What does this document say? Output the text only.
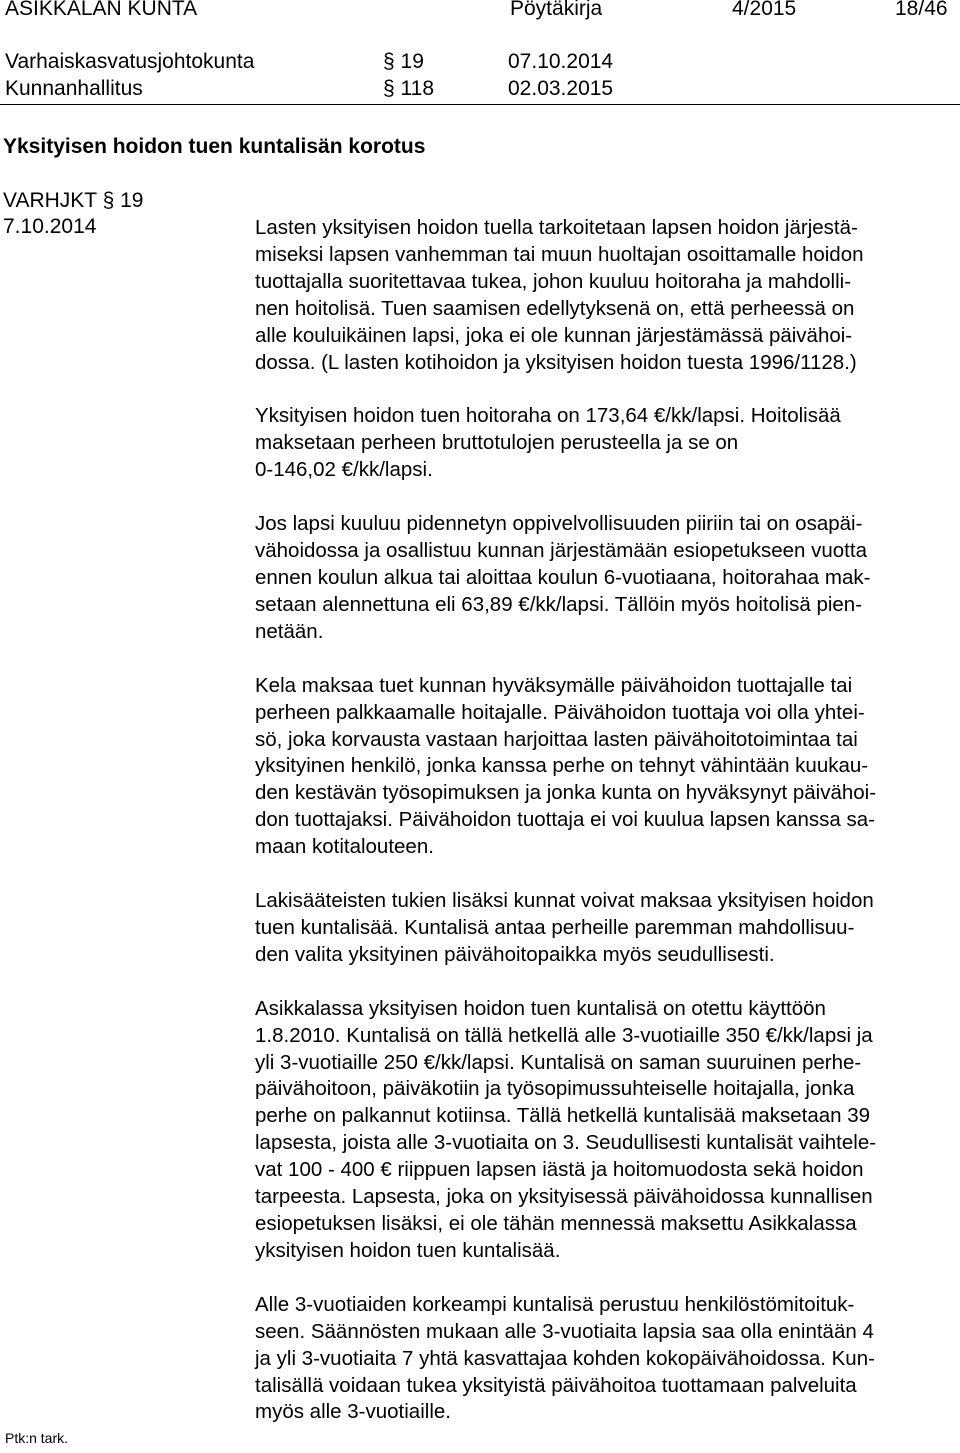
ASIKKALAN KUNTA	Pöytäkirja	4/2015	18/46
Varhaiskasvatusjohtokunta	§ 19	07.10.2014
Kunnanhallitus	§ 118	02.03.2015
Yksityisen hoidon tuen kuntalisän korotus
VARHJKT § 19
7.10.2014	Lasten yksityisen hoidon tuella tarkoitetaan lapsen hoidon järjestä-
miseksi lapsen vanhemman tai muun huoltajan osoittamalle hoidon
tuottajalla suoritettavaa tukea, johon kuuluu hoitoraha ja mahdolli-
nen hoitolisä. Tuen saamisen edellytyksenä on, että perheessä on
alle kouluikäinen lapsi, joka ei ole kunnan järjestämässä päivähoi-
dossa. (L lasten kotihoidon ja yksityisen hoidon tuesta 1996/1128.)
Yksityisen hoidon tuen hoitoraha on 173,64 €/kk/lapsi. Hoitolisää
maksetaan perheen bruttotulojen perusteella ja se on
0-146,02 €/kk/lapsi.
Jos lapsi kuuluu pidennetyn oppivelvollisuuden piiriin tai on osapäi-
vähoidossa ja osallistuu kunnan järjestämään esiopetukseen vuotta
ennen koulun alkua tai aloittaa koulun 6-vuotiaana, hoitorahaa mak-
setaan alennettuna eli 63,89 €/kk/lapsi. Tällöin myös hoitolisä pien-
netään.
Kela maksaa tuet kunnan hyväksymälle päivähoidon tuottajalle tai
perheen palkkaamalle hoitajalle. Päivähoidon tuottaja voi olla yhtei-
sö, joka korvausta vastaan harjoittaa lasten päivähoitotoimintaa tai
yksityinen henkilö, jonka kanssa perhe on tehnyt vähintään kuukau-
den kestävän työsopimuksen ja jonka kunta on hyväksynyt päivähoi-
don tuottajaksi. Päivähoidon tuottaja ei voi kuulua lapsen kanssa sa-
maan kotitalouteen.
Lakisääteisten tukien lisäksi kunnat voivat maksaa yksityisen hoidon
tuen kuntalisää. Kuntalisä antaa perheille paremman mahdollisuu-
den valita yksityinen päivähoitopaikka myös seudullisesti.
Asikkalassa yksityisen hoidon tuen kuntalisä on otettu käyttöön
1.8.2010. Kuntalisä on tällä hetkellä alle 3-vuotiaille 350 €/kk/lapsi ja
yli 3-vuotiaille 250 €/kk/lapsi. Kuntalisä on saman suuruinen perhe-
päivähoitoon, päiväkotiin ja työsopimussuhteiselle hoitajalla, jonka
perhe on palkannut kotiinsa. Tällä hetkellä kuntalisää maksetaan 39
lapsesta, joista alle 3-vuotiaita on 3. Seudullisesti kuntalisät vaihtele-
vat 100 - 400 € riippuen lapsen iästä ja hoitomuodosta sekä hoidon
tarpeesta. Lapsesta, joka on yksityisessä päivähoidossa kunnallisen
esiopetuksen lisäksi, ei ole tähän mennessä maksettu Asikkalassa
yksityisen hoidon tuen kuntalisää.
Alle 3-vuotiaiden korkeampi kuntalisä perustuu henkilöstömitoituk-
seen. Säännösten mukaan alle 3-vuotiaita lapsia saa olla enintään 4
ja yli 3-vuotiaita 7 yhtä kasvattajaa kohden kokopäivähoidossa. Kun-
talisällä voidaan tukea yksityistä päivähoitoa tuottamaan palveluita
myös alle 3-vuotiaille.
Ptk:n tark.
